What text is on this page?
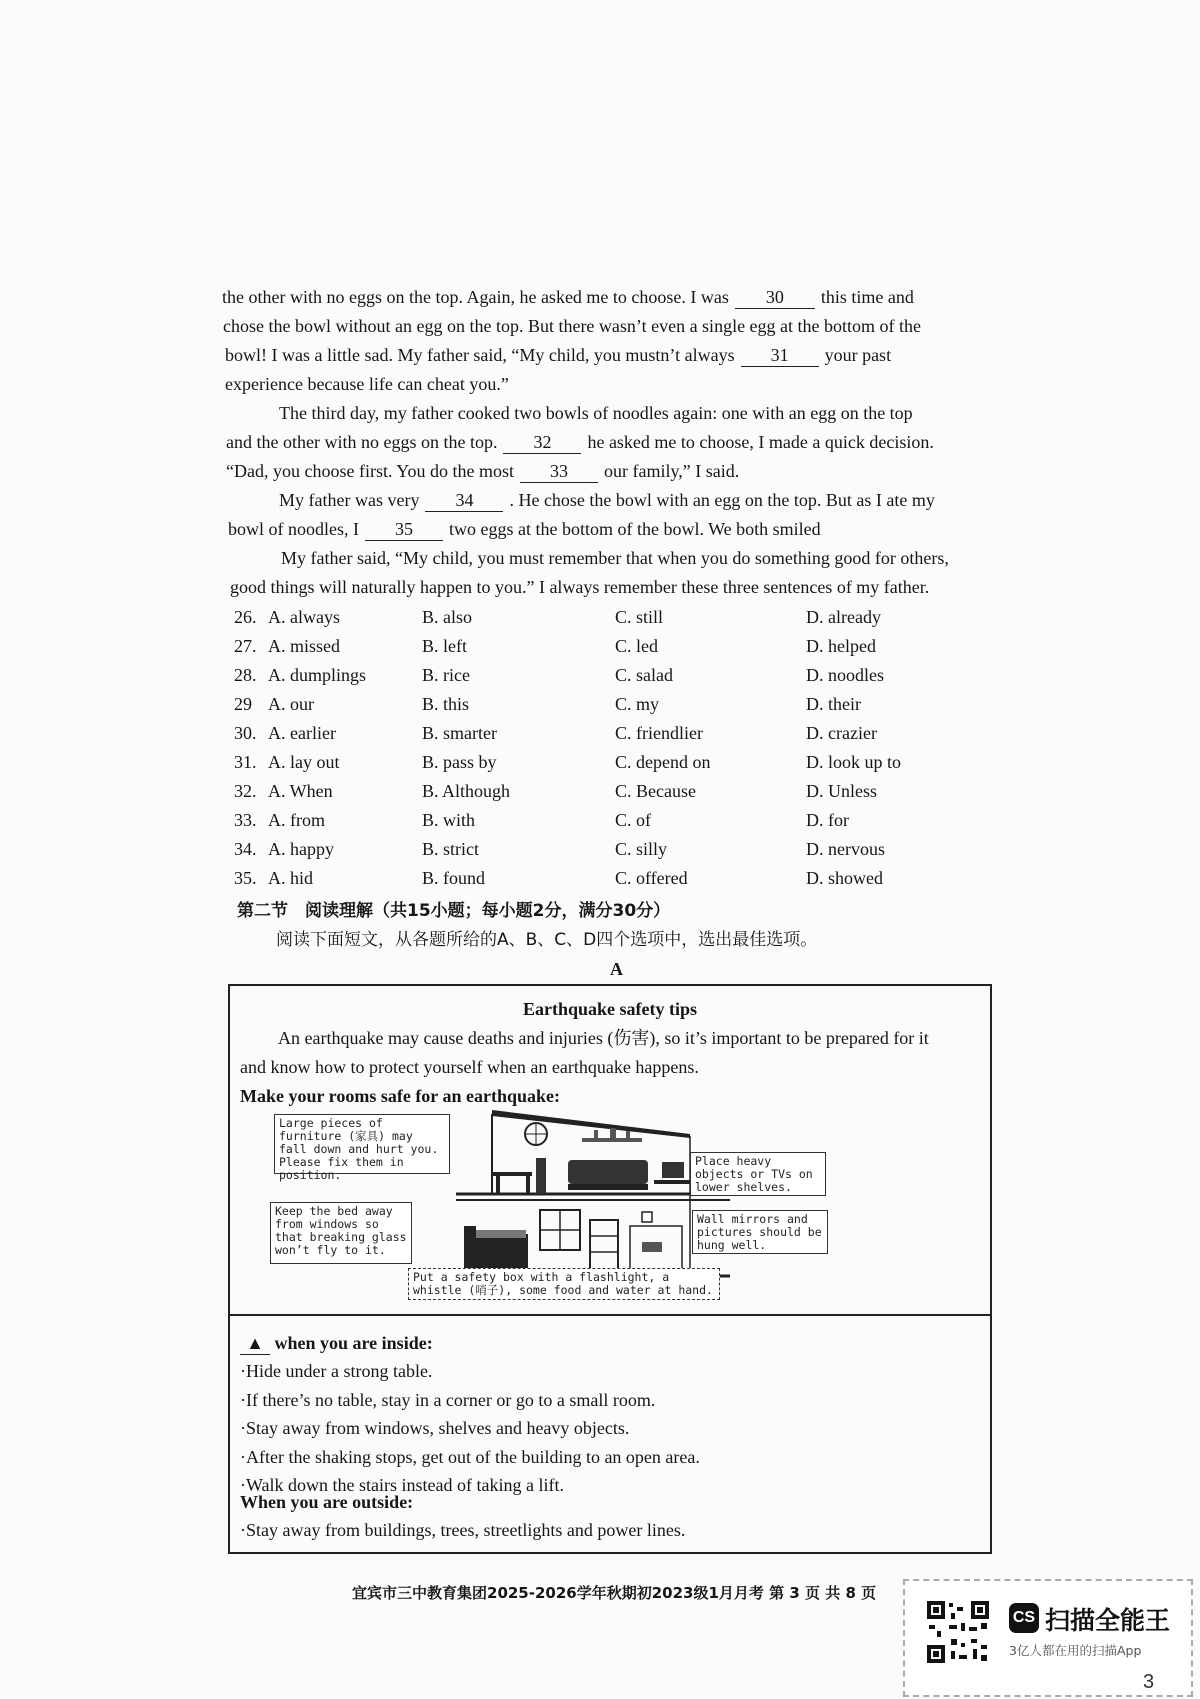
the other with no eggs on the top. Again, he asked me to choose. I was 30 this time and
chose the bowl without an egg on the top. But there wasn’t even a single egg at the bottom of the
bowl! I was a little sad. My father said, “My child, you mustn’t always 31 your past
experience because life can cheat you.”
The third day, my father cooked two bowls of noodles again: one with an egg on the top
and the other with no eggs on the top. 32 he asked me to choose, I made a quick decision.
“Dad, you choose first. You do the most 33 our family,” I said.
My father was very 34 . He chose the bowl with an egg on the top. But as I ate my
bowl of noodles, I 35 two eggs at the bottom of the bowl. We both smiled
My father said, “My child, you must remember that when you do something good for others,
good things will naturally happen to you.” I always remember these three sentences of my father.
26. A. always	B. also	C. still	D. already
27. A. missed	B. left	C. led	D. helped
28. A. dumplings	B. rice	C. salad	D. noodles
29 A. our	B. this	C. my	D. their
30. A. earlier	B. smarter	C. friendlier	D. crazier
31. A. lay out	B. pass by	C. depend on	D. look up to
32. A. When	B. Although	C. Because	D. Unless
33. A. from	B. with	C. of	D. for
34. A. happy	B. strict	C. silly	D. nervous
35. A. hid	B. found	C. offered	D. showed
第二节　阅读理解（共15小题；每小题2分，满分30分）
阅读下面短文，从各题所给的A、B、C、D四个选项中，选出最佳选项。
A
Earthquake safety tips
An earthquake may cause deaths and injuries (伤害), so it’s important to be prepared for it
and know how to protect yourself when an earthquake happens.
Make your rooms safe for an earthquake:
Large pieces of furniture (家具) may fall down and hurt you. Please fix them in position.
Place heavy objects or TVs on lower shelves.
Keep the bed away from windows so that breaking glass won’t fly to it.
Wall mirrors and pictures should be hung well.
Put a safety box with a flashlight, a whistle (哨子), some food and water at hand.
▲ when you are inside:
·Hide under a strong table.
·If there’s no table, stay in a corner or go to a small room.
·Stay away from windows, shelves and heavy objects.
·After the shaking stops, get out of the building to an open area.
·Walk down the stairs instead of taking a lift.
When you are outside:
·Stay away from buildings, trees, streetlights and power lines.
宜宾市三中教育集团2025-2026学年秋期初2023级1月月考 第 3 页 共 8 页
CS 扫描全能王
3亿人都在用的扫描App
3
